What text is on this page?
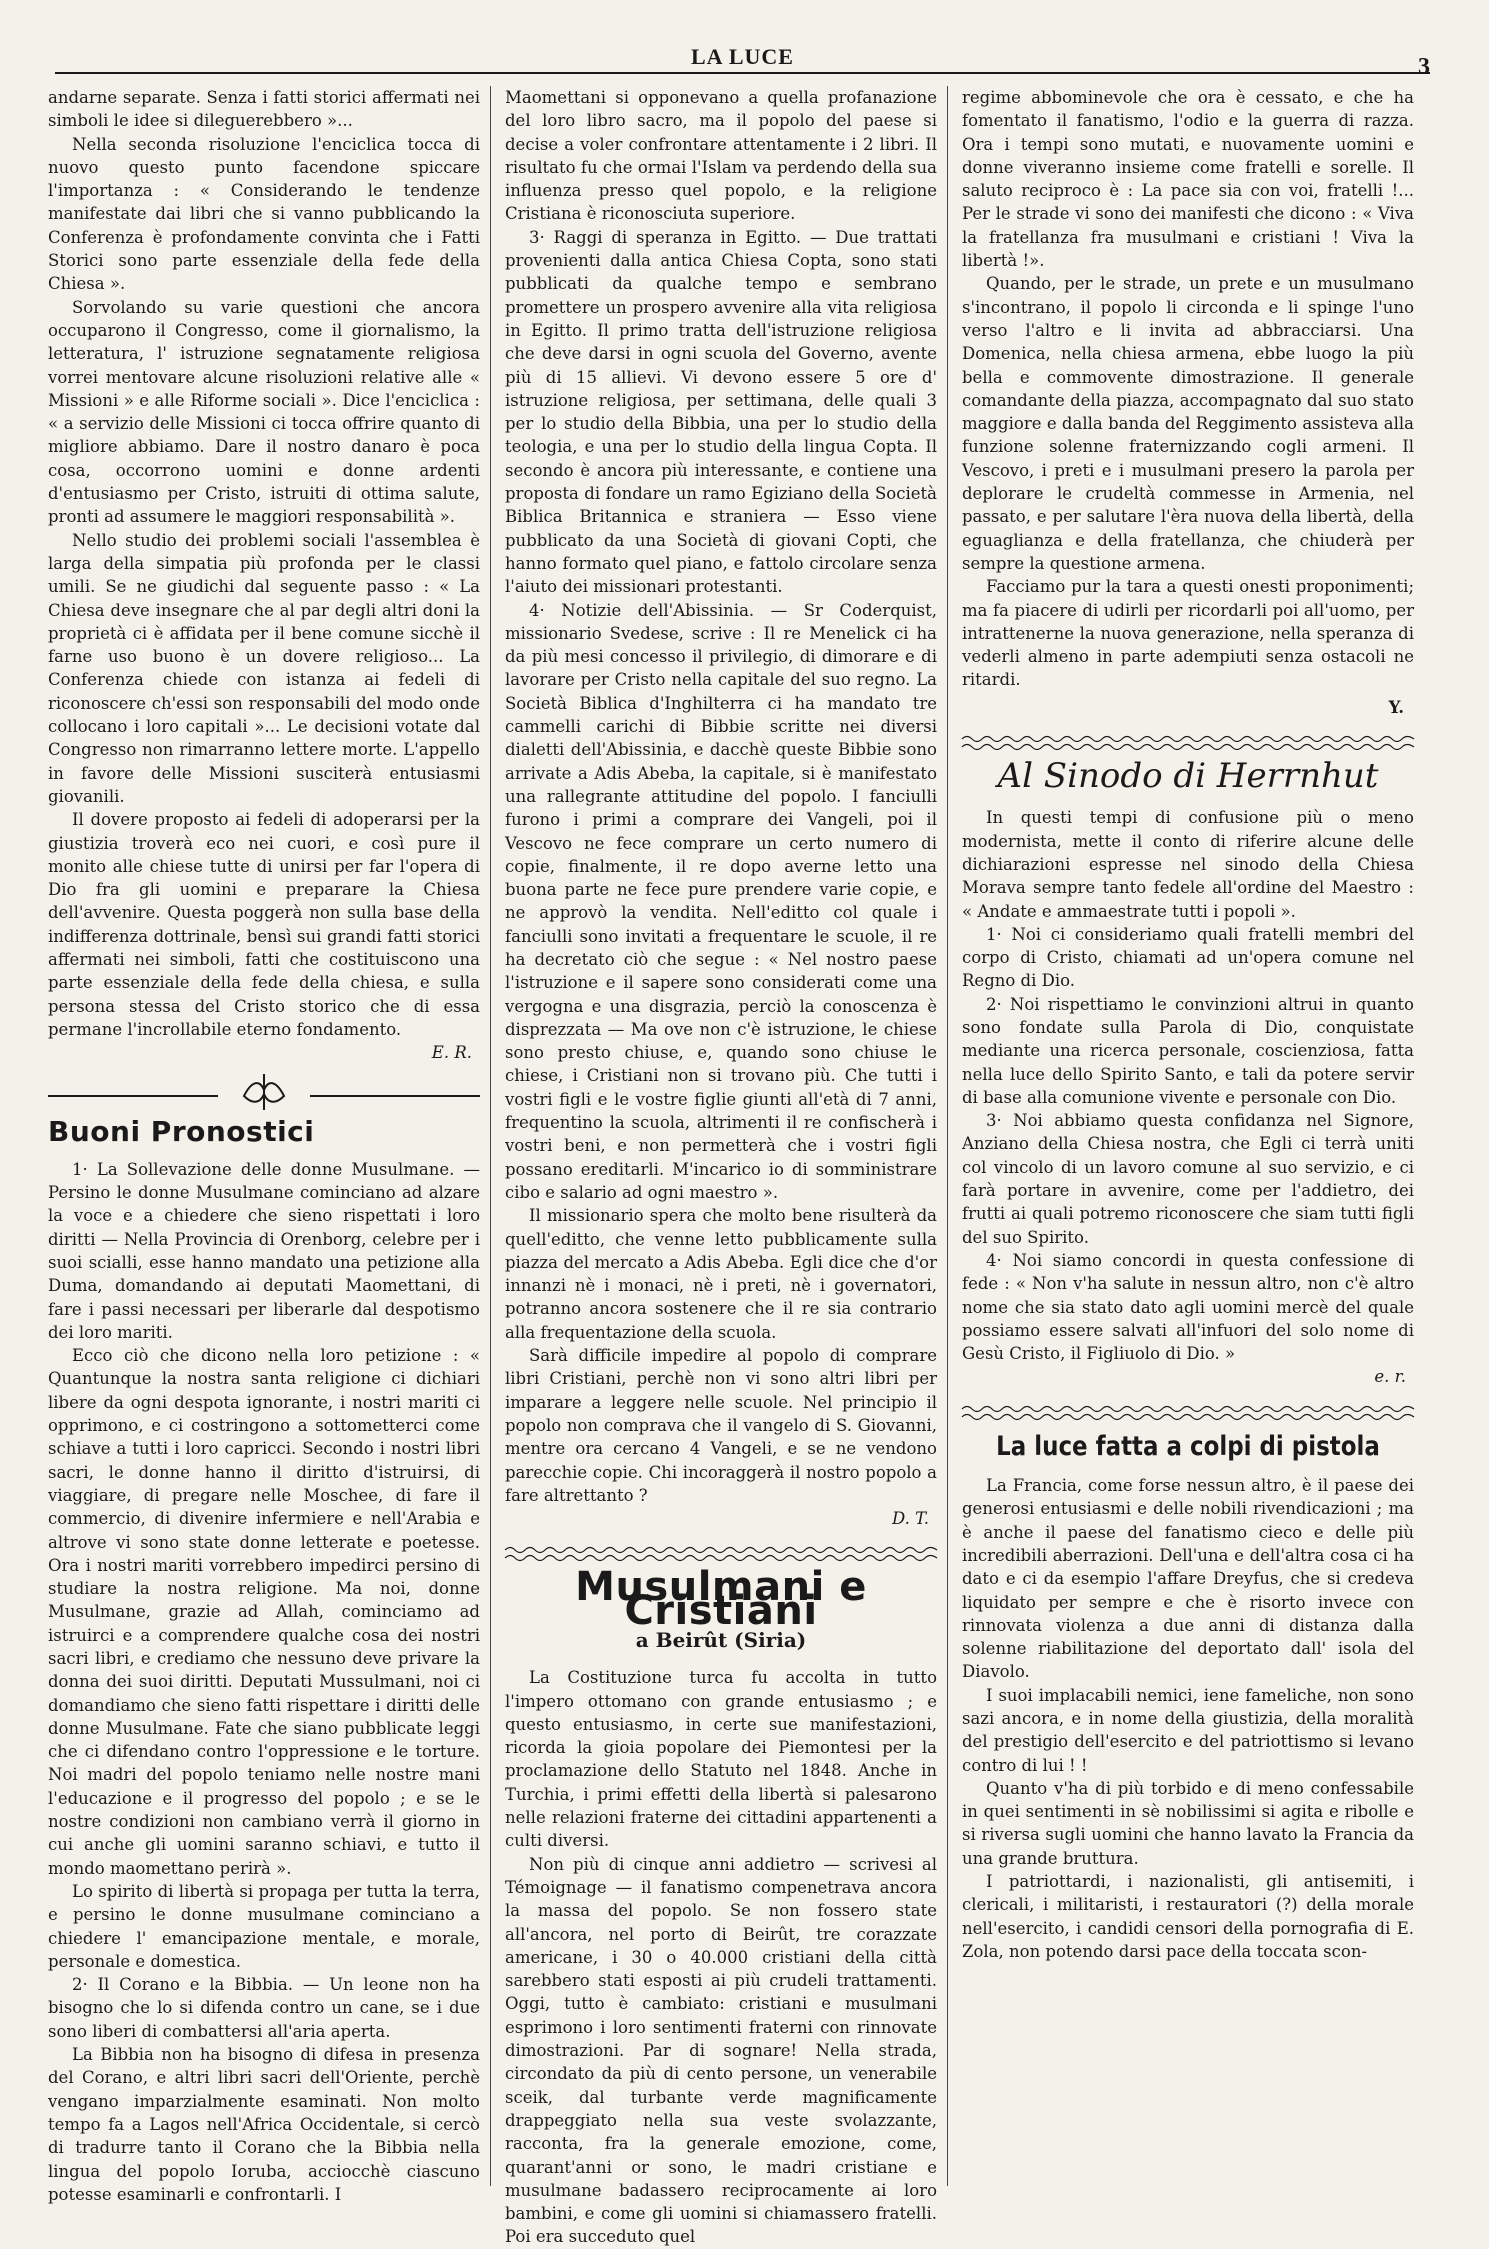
LA LUCE	3

andarne separate. Senza i fatti storici affermati nei simboli le idee si dileguerebbero »...

Nella seconda risoluzione l'enciclica tocca di nuovo questo punto facendone spiccare l'importanza : « Considerando le tendenze manifestate dai libri che si vanno pubblicando la Conferenza è profondamente convinta che i Fatti Storici sono parte essenziale della fede della Chiesa ».

Sorvolando su varie questioni che ancora occuparono il Congresso, come il giornalismo, la letteratura, l' istruzione segnatamente religiosa vorrei mentovare alcune risoluzioni relative alle « Missioni » e alle Riforme sociali ». Dice l'enciclica : « a servizio delle Missioni ci tocca offrire quanto di migliore abbiamo. Dare il nostro danaro è poca cosa, occorrono uomini e donne ardenti d'entusiasmo per Cristo, istruiti di ottima salute, pronti ad assumere le maggiori responsabilità ».

Nello studio dei problemi sociali l'assemblea è larga della simpatia più profonda per le classi umili. Se ne giudichi dal seguente passo : « La Chiesa deve insegnare che al par degli altri doni la proprietà ci è affidata per il bene comune sicchè il farne uso buono è un dovere religioso... La Conferenza chiede con istanza ai fedeli di riconoscere ch'essi son responsabili del modo onde collocano i loro capitali »... Le decisioni votate dal Congresso non rimarranno lettere morte. L'appello in favore delle Missioni susciterà entusiasmi giovanili.

Il dovere proposto ai fedeli di adoperarsi per la giustizia troverà eco nei cuori, e così pure il monito alle chiese tutte di unirsi per far l'opera di Dio fra gli uomini e preparare la Chiesa dell'avvenire. Questa poggerà non sulla base della indifferenza dottrinale, bensì sui grandi fatti storici affermati nei simboli, fatti che costituiscono una parte essenziale della fede della chiesa, e sulla persona stessa del Cristo storico che di essa permane l'incrollabile eterno fondamento.

E. R.
Buoni Pronostici

1· La Sollevazione delle donne Musulmane. — Persino le donne Musulmane cominciano ad alzare la voce e a chiedere che sieno rispettati i loro diritti — Nella Provincia di Orenborg, celebre per i suoi scialli, esse hanno mandato una petizione alla Duma, domandando ai deputati Maomettani, di fare i passi necessari per liberarle dal despotismo dei loro mariti.

Ecco ciò che dicono nella loro petizione : « Quantunque la nostra santa religione ci dichiari libere da ogni despota ignorante, i nostri mariti ci opprimono, e ci costringono a sottometterci come schiave a tutti i loro capricci. Secondo i nostri libri sacri, le donne hanno il diritto d'istruirsi, di viaggiare, di pregare nelle Moschee, di fare il commercio, di divenire infermiere e nell'Arabia e altrove vi sono state donne letterate e poetesse. Ora i nostri mariti vorrebbero impedirci persino di studiare la nostra religione. Ma noi, donne Musulmane, grazie ad Allah, cominciamo ad istruirci e a comprendere qualche cosa dei nostri sacri libri, e crediamo che nessuno deve privare la donna dei suoi diritti. Deputati Mussulmani, noi ci domandiamo che sieno fatti rispettare i diritti delle donne Musulmane. Fate che siano pubblicate leggi che ci difendano contro l'oppressione e le torture. Noi madri del popolo teniamo nelle nostre mani l'educazione e il progresso del popolo ; e se le nostre condizioni non cambiano verrà il giorno in cui anche gli uomini saranno schiavi, e tutto il mondo maomettano perirà ».

Lo spirito di libertà si propaga per tutta la terra, e persino le donne musulmane cominciano a chiedere l' emancipazione mentale, e morale, personale e domestica.

2· Il Corano e la Bibbia. — Un leone non ha bisogno che lo si difenda contro un cane, se i due sono liberi di combattersi all'aria aperta.

La Bibbia non ha bisogno di difesa in presenza del Corano, e altri libri sacri dell'Oriente, perchè vengano imparzialmente esaminati. Non molto tempo fa a Lagos nell'Africa Occidentale, si cercò di tradurre tanto il Corano che la Bibbia nella lingua del popolo Ioruba, acciocchè ciascuno potesse esaminarli e confrontarli. I

Maomettani si opponevano a quella profanazione del loro libro sacro, ma il popolo del paese si decise a voler confrontare attentamente i 2 libri. Il risultato fu che ormai l'Islam va perdendo della sua influenza presso quel popolo, e la religione Cristiana è riconosciuta superiore.

3· Raggi di speranza in Egitto. — Due trattati provenienti dalla antica Chiesa Copta, sono stati pubblicati da qualche tempo e sembrano promettere un prospero avvenire alla vita religiosa in Egitto. Il primo tratta dell'istruzione religiosa che deve darsi in ogni scuola del Governo, avente più di 15 allievi. Vi devono essere 5 ore d' istruzione religiosa, per settimana, delle quali 3 per lo studio della Bibbia, una per lo studio della teologia, e una per lo studio della lingua Copta. Il secondo è ancora più interessante, e contiene una proposta di fondare un ramo Egiziano della Società Biblica Britannica e straniera — Esso viene pubblicato da una Società di giovani Copti, che hanno formato quel piano, e fattolo circolare senza l'aiuto dei missionari protestanti.

4· Notizie dell'Abissinia. — Sr Coderquist, missionario Svedese, scrive : Il re Menelick ci ha da più mesi concesso il privilegio, di dimorare e di lavorare per Cristo nella capitale del suo regno. La Società Biblica d'Inghilterra ci ha mandato tre cammelli carichi di Bibbie scritte nei diversi dialetti dell'Abissinia, e dacchè queste Bibbie sono arrivate a Adis Abeba, la capitale, si è manifestato una rallegrante attitudine del popolo. I fanciulli furono i primi a comprare dei Vangeli, poi il Vescovo ne fece comprare un certo numero di copie, finalmente, il re dopo averne letto una buona parte ne fece pure prendere varie copie, e ne approvò la vendita. Nell'editto col quale i fanciulli sono invitati a frequentare le scuole, il re ha decretato ciò che segue : « Nel nostro paese l'istruzione e il sapere sono considerati come una vergogna e una disgrazia, perciò la conoscenza è disprezzata — Ma ove non c'è istruzione, le chiese sono presto chiuse, e, quando sono chiuse le chiese, i Cristiani non si trovano più. Che tutti i vostri figli e le vostre figlie giunti all'età di 7 anni, frequentino la scuola, altrimenti il re confischerà i vostri beni, e non permetterà che i vostri figli possano ereditarli. M'incarico io di somministrare cibo e salario ad ogni maestro ».

Il missionario spera che molto bene risulterà da quell'editto, che venne letto pubblicamente sulla piazza del mercato a Adis Abeba. Egli dice che d'or innanzi nè i monaci, nè i preti, nè i governatori, potranno ancora sostenere che il re sia contrario alla frequentazione della scuola.

Sarà difficile impedire al popolo di comprare libri Cristiani, perchè non vi sono altri libri per imparare a leggere nelle scuole. Nel principio il popolo non comprava che il vangelo di S. Giovanni, mentre ora cercano 4 Vangeli, e se ne vendono parecchie copie. Chi incoraggerà il nostro popolo a fare altrettanto ?

D. T.
Musulmani e Cristiani
a Beirût (Siria)

La Costituzione turca fu accolta in tutto l'impero ottomano con grande entusiasmo ; e questo entusiasmo, in certe sue manifestazioni, ricorda la gioia popolare dei Piemontesi per la proclamazione dello Statuto nel 1848. Anche in Turchia, i primi effetti della libertà si palesarono nelle relazioni fraterne dei cittadini appartenenti a culti diversi.

Non più di cinque anni addietro — scrivesi al Témoignage — il fanatismo compenetrava ancora la massa del popolo. Se non fossero state all'ancora, nel porto di Beirût, tre corazzate americane, i 30 o 40.000 cristiani della città sarebbero stati esposti ai più crudeli trattamenti. Oggi, tutto è cambiato: cristiani e musulmani esprimono i loro sentimenti fraterni con rinnovate dimostrazioni. Par di sognare! Nella strada, circondato da più di cento persone, un venerabile sceik, dal turbante verde magnificamente drappeggiato nella sua veste svolazzante, racconta, fra la generale emozione, come, quarant'anni or sono, le madri cristiane e musulmane badassero reciprocamente ai loro bambini, e come gli uomini si chiamassero fratelli. Poi era succeduto quel

regime abbominevole che ora è cessato, e che ha fomentato il fanatismo, l'odio e la guerra di razza. Ora i tempi sono mutati, e nuovamente uomini e donne viveranno insieme come fratelli e sorelle. Il saluto reciproco è : La pace sia con voi, fratelli !... Per le strade vi sono dei manifesti che dicono : « Viva la fratellanza fra musulmani e cristiani ! Viva la libertà !».

Quando, per le strade, un prete e un musulmano s'incontrano, il popolo li circonda e li spinge l'uno verso l'altro e li invita ad abbracciarsi. Una Domenica, nella chiesa armena, ebbe luogo la più bella e commovente dimostrazione. Il generale comandante della piazza, accompagnato dal suo stato maggiore e dalla banda del Reggimento assisteva alla funzione solenne fraternizzando cogli armeni. Il Vescovo, i preti e i musulmani presero la parola per deplorare le crudeltà commesse in Armenia, nel passato, e per salutare l'èra nuova della libertà, della eguaglianza e della fratellanza, che chiuderà per sempre la questione armena.

Facciamo pur la tara a questi onesti proponimenti; ma fa piacere di udirli per ricordarli poi all'uomo, per intrattenerne la nuova generazione, nella speranza di vederli almeno in parte adempiuti senza ostacoli ne ritardi.

Y.
Al Sinodo di Herrnhut

In questi tempi di confusione più o meno modernista, mette il conto di riferire alcune delle dichiarazioni espresse nel sinodo della Chiesa Morava sempre tanto fedele all'ordine del Maestro : « Andate e ammaestrate tutti i popoli ».

1· Noi ci consideriamo quali fratelli membri del corpo di Cristo, chiamati ad un'opera comune nel Regno di Dio.

2· Noi rispettiamo le convinzioni altrui in quanto sono fondate sulla Parola di Dio, conquistate mediante una ricerca personale, coscienziosa, fatta nella luce dello Spirito Santo, e tali da potere servir di base alla comunione vivente e personale con Dio.

3· Noi abbiamo questa confidanza nel Signore, Anziano della Chiesa nostra, che Egli ci terrà uniti col vincolo di un lavoro comune al suo servizio, e ci farà portare in avvenire, come per l'addietro, dei frutti ai quali potremo riconoscere che siam tutti figli del suo Spirito.

4· Noi siamo concordi in questa confessione di fede : « Non v'ha salute in nessun altro, non c'è altro nome che sia stato dato agli uomini mercè del quale possiamo essere salvati all'infuori del solo nome di Gesù Cristo, il Figliuolo di Dio. »

e. r.
La luce fatta a colpi di pistola

La Francia, come forse nessun altro, è il paese dei generosi entusiasmi e delle nobili rivendicazioni ; ma è anche il paese del fanatismo cieco e delle più incredibili aberrazioni. Dell'una e dell'altra cosa ci ha dato e ci da esempio l'affare Dreyfus, che si credeva liquidato per sempre e che è risorto invece con rinnovata violenza a due anni di distanza dalla solenne riabilitazione del deportato dall' isola del Diavolo.

I suoi implacabili nemici, iene fameliche, non sono sazi ancora, e in nome della giustizia, della moralità del prestigio dell'esercito e del patriottismo si levano contro di lui ! !

Quanto v'ha di più torbido e di meno confessabile in quei sentimenti in sè nobilissimi si agita e ribolle e si riversa sugli uomini che hanno lavato la Francia da una grande bruttura.

I patriottardi, i nazionalisti, gli antisemiti, i clericali, i militaristi, i restauratori (?) della morale nell'esercito, i candidi censori della pornografia di E. Zola, non potendo darsi pace della toccata scon-
